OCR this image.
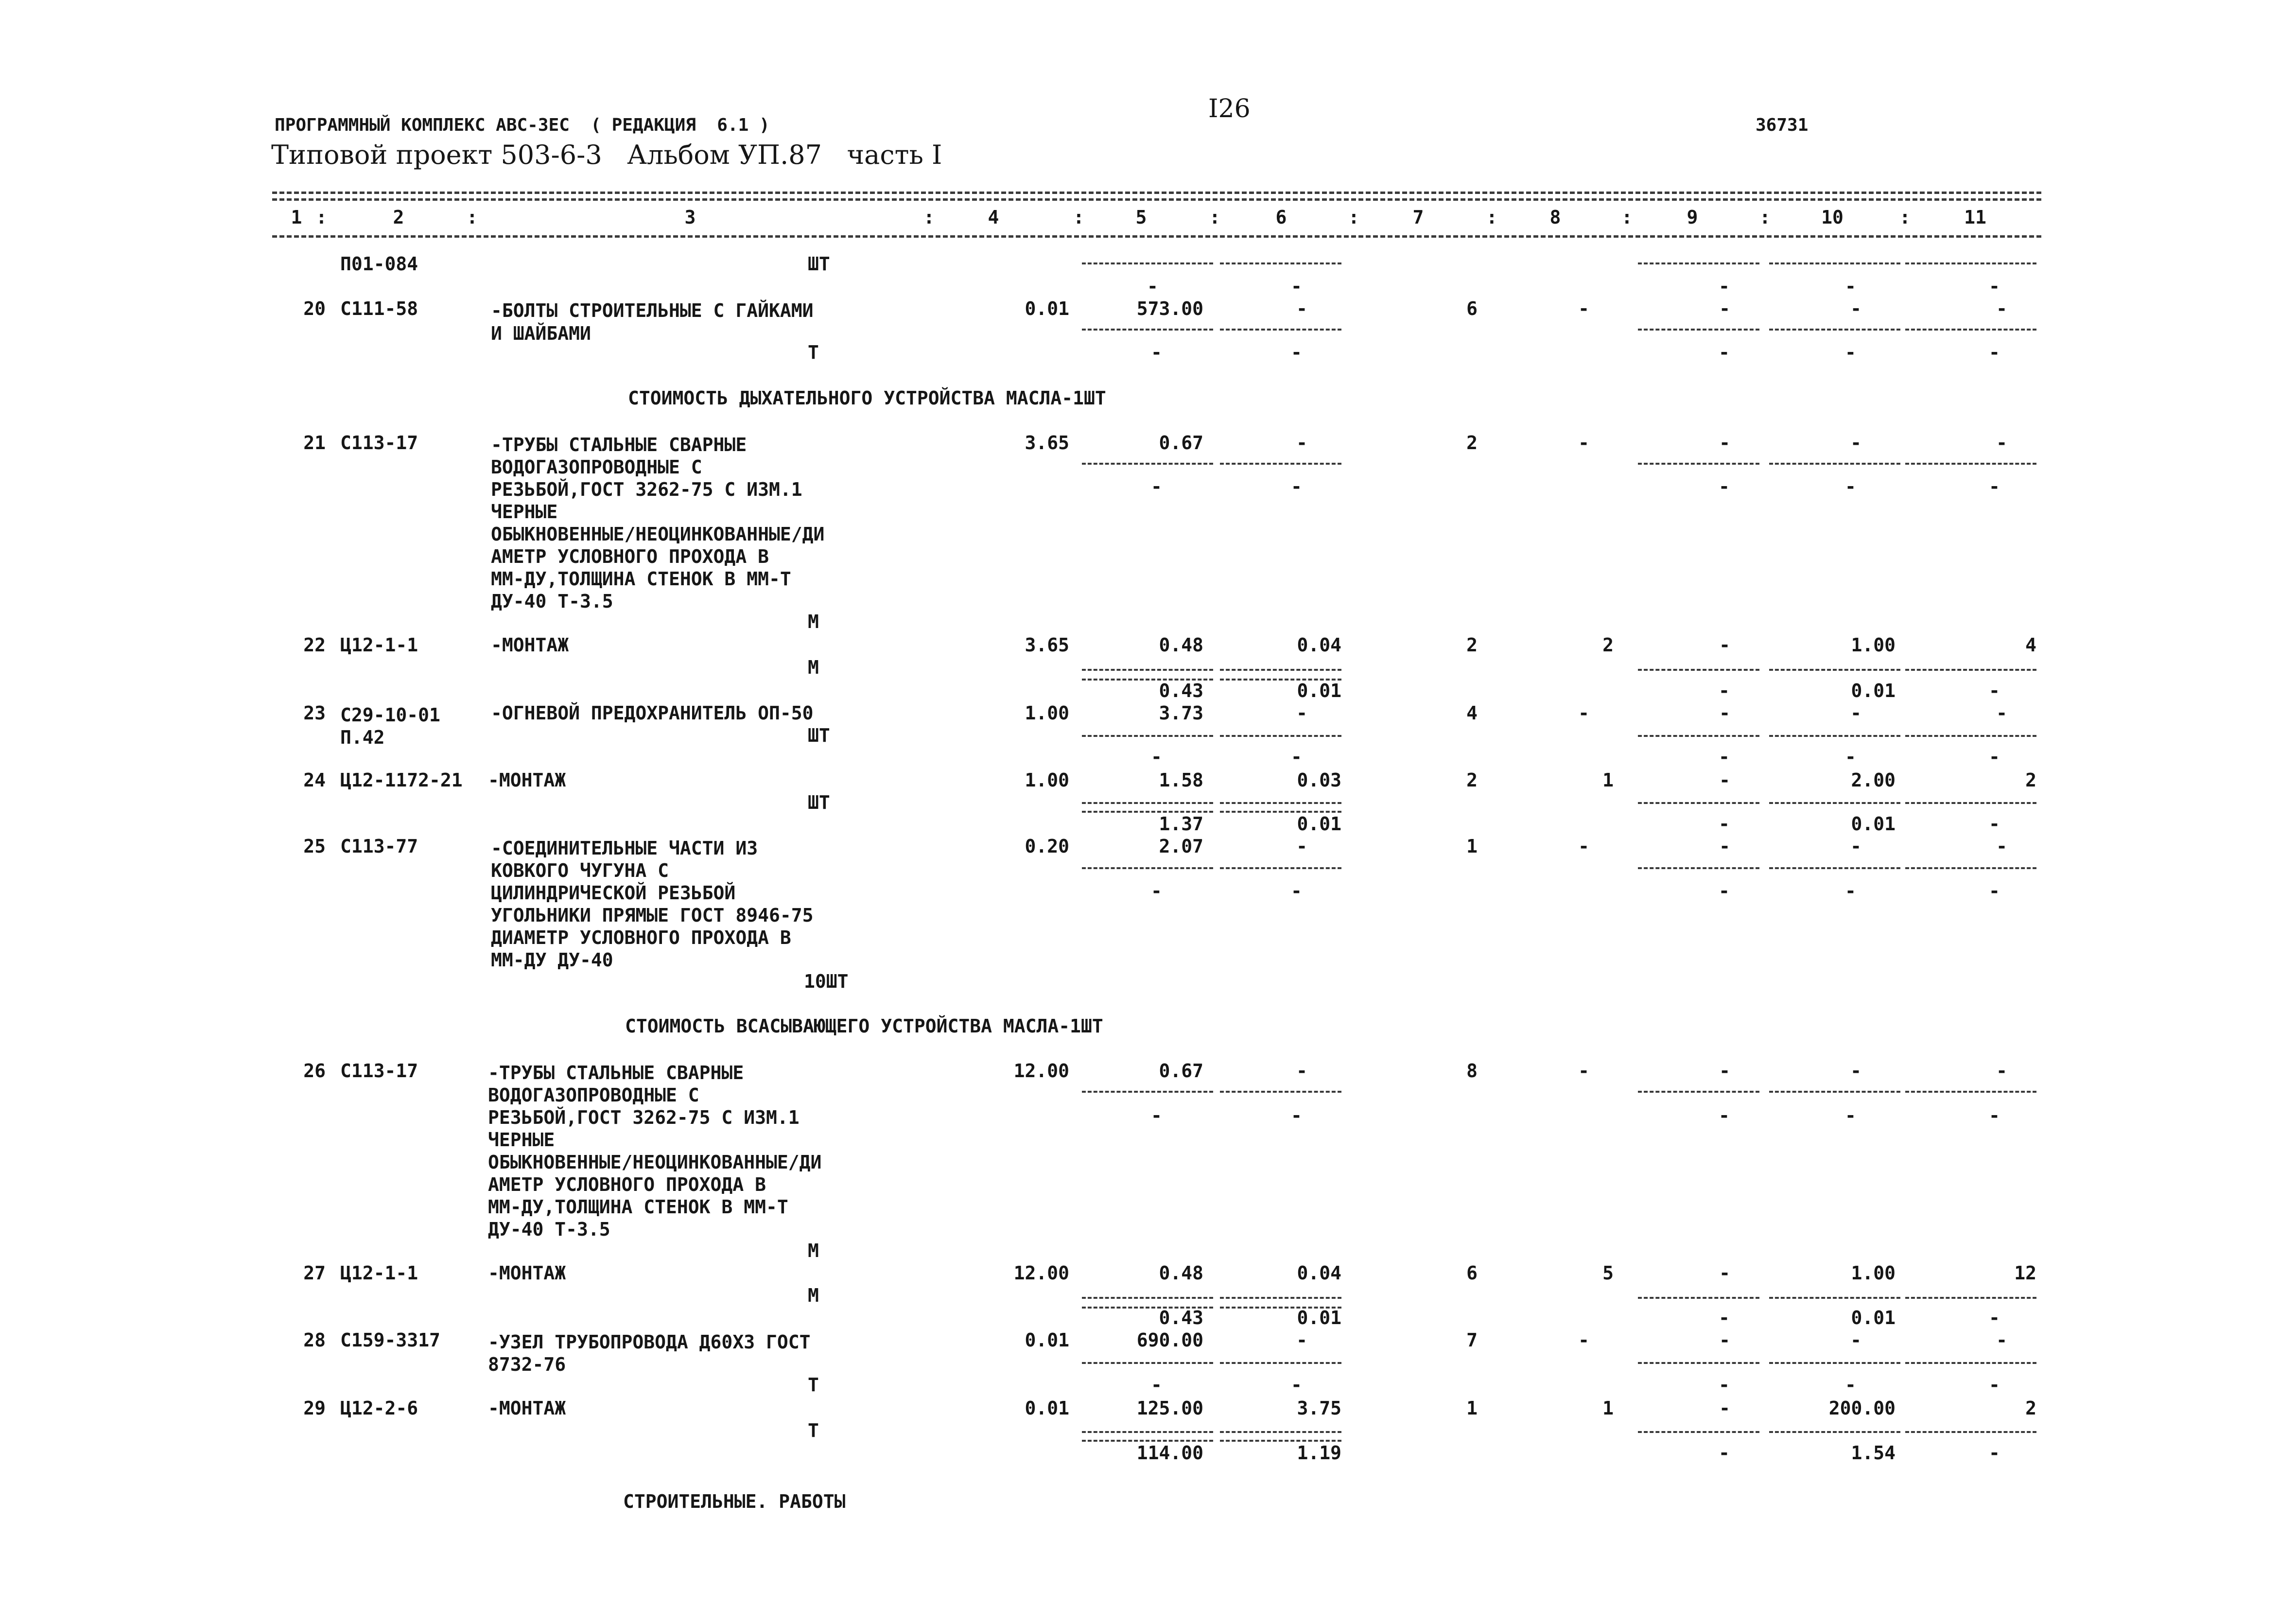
I26
ПРОГРАММНЫЙ КОМПЛЕКС АВС-ЗЕС  ( РЕДАКЦИЯ  6.1 )	36731
Типовой проект 503-6-3   Альбом УП.87   часть I
1	2	3	4	5	6	7	8	9	10	11
:	:	:	:	:	:	:	:	:	:
П01-084	ШТ
-	-	-	-	-
20 С111-58	-БОЛТЫ СТРОИТЕЛЬНЫЕ С ГАЙКАМИ
И ШАЙБАМИ
0.01	573.00	-	6	-	-	-	-
Т	-	-	-	-	-
СТОИМОСТЬ ДЫХАТЕЛЬНОГО УСТРОЙСТВА МАСЛА-1ШТ
21 С113-17	-ТРУБЫ СТАЛЬНЫЕ СВАРНЫЕ
ВОДОГАЗОПРОВОДНЫЕ С
РЕЗЬБОЙ,ГОСТ 3262-75 С ИЗМ.1
ЧЕРНЫЕ
ОБЫКНОВЕННЫЕ/НЕОЦИНКОВАННЫЕ/ДИ
АМЕТР УСЛОВНОГО ПРОХОДА В
ММ-ДУ,ТОЛЩИНА СТЕНОК В ММ-Т
ДУ-40 Т-3.5
3.65	0.67	-	2	-	-	-	-
-	-	-	-	-
М
22 Ц12-1-1	-МОНТАЖ	3.65	0.48	0.04	2	2	-	1.00	4
М
0.43	0.01	-	0.01	-
23 С29-10-01
П.42
-ОГНЕВОЙ ПРЕДОХРАНИТЕЛЬ ОП-50	1.00	3.73	-	4	-	-	-	-
ШТ
-	-	-	-	-
24 Ц12-1172-21 -МОНТАЖ	1.00	1.58	0.03	2	1	-	2.00	2
ШТ
1.37	0.01	-	0.01	-
25 С113-77	-СОЕДИНИТЕЛЬНЫЕ ЧАСТИ ИЗ
КОВКОГО ЧУГУНА С
ЦИЛИНДРИЧЕСКОЙ РЕЗЬБОЙ
УГОЛЬНИКИ ПРЯМЫЕ ГОСТ 8946-75
ДИАМЕТР УСЛОВНОГО ПРОХОДА В
ММ-ДУ ДУ-40
0.20	2.07	-	1	-	-	-	-
-	-	-	-	-
10ШТ
СТОИМОСТЬ ВСАСЫВАЮЩЕГО УСТРОЙСТВА МАСЛА-1ШТ
26 С113-17	-ТРУБЫ СТАЛЬНЫЕ СВАРНЫЕ
ВОДОГАЗОПРОВОДНЫЕ С
РЕЗЬБОЙ,ГОСТ 3262-75 С ИЗМ.1
ЧЕРНЫЕ
ОБЫКНОВЕННЫЕ/НЕОЦИНКОВАННЫЕ/ДИ
АМЕТР УСЛОВНОГО ПРОХОДА В
ММ-ДУ,ТОЛЩИНА СТЕНОК В ММ-Т
ДУ-40 Т-3.5
12.00	0.67	-	8	-	-	-	-
-	-	-	-	-
М
27 Ц12-1-1	-МОНТАЖ	12.00	0.48	0.04	6	5	-	1.00	12
М
0.43	0.01	-	0.01	-
28 С159-3317	-УЗЕЛ ТРУБОПРОВОДА Д60Х3 ГОСТ
8732-76
0.01	690.00	-	7	-	-	-	-
Т	-	-	-	-	-
29 Ц12-2-6	-МОНТАЖ	0.01	125.00	3.75	1	1	-	200.00	2
Т
114.00	1.19	-	1.54	-
СТРОИТЕЛЬНЫЕ. РАБОТЫ
